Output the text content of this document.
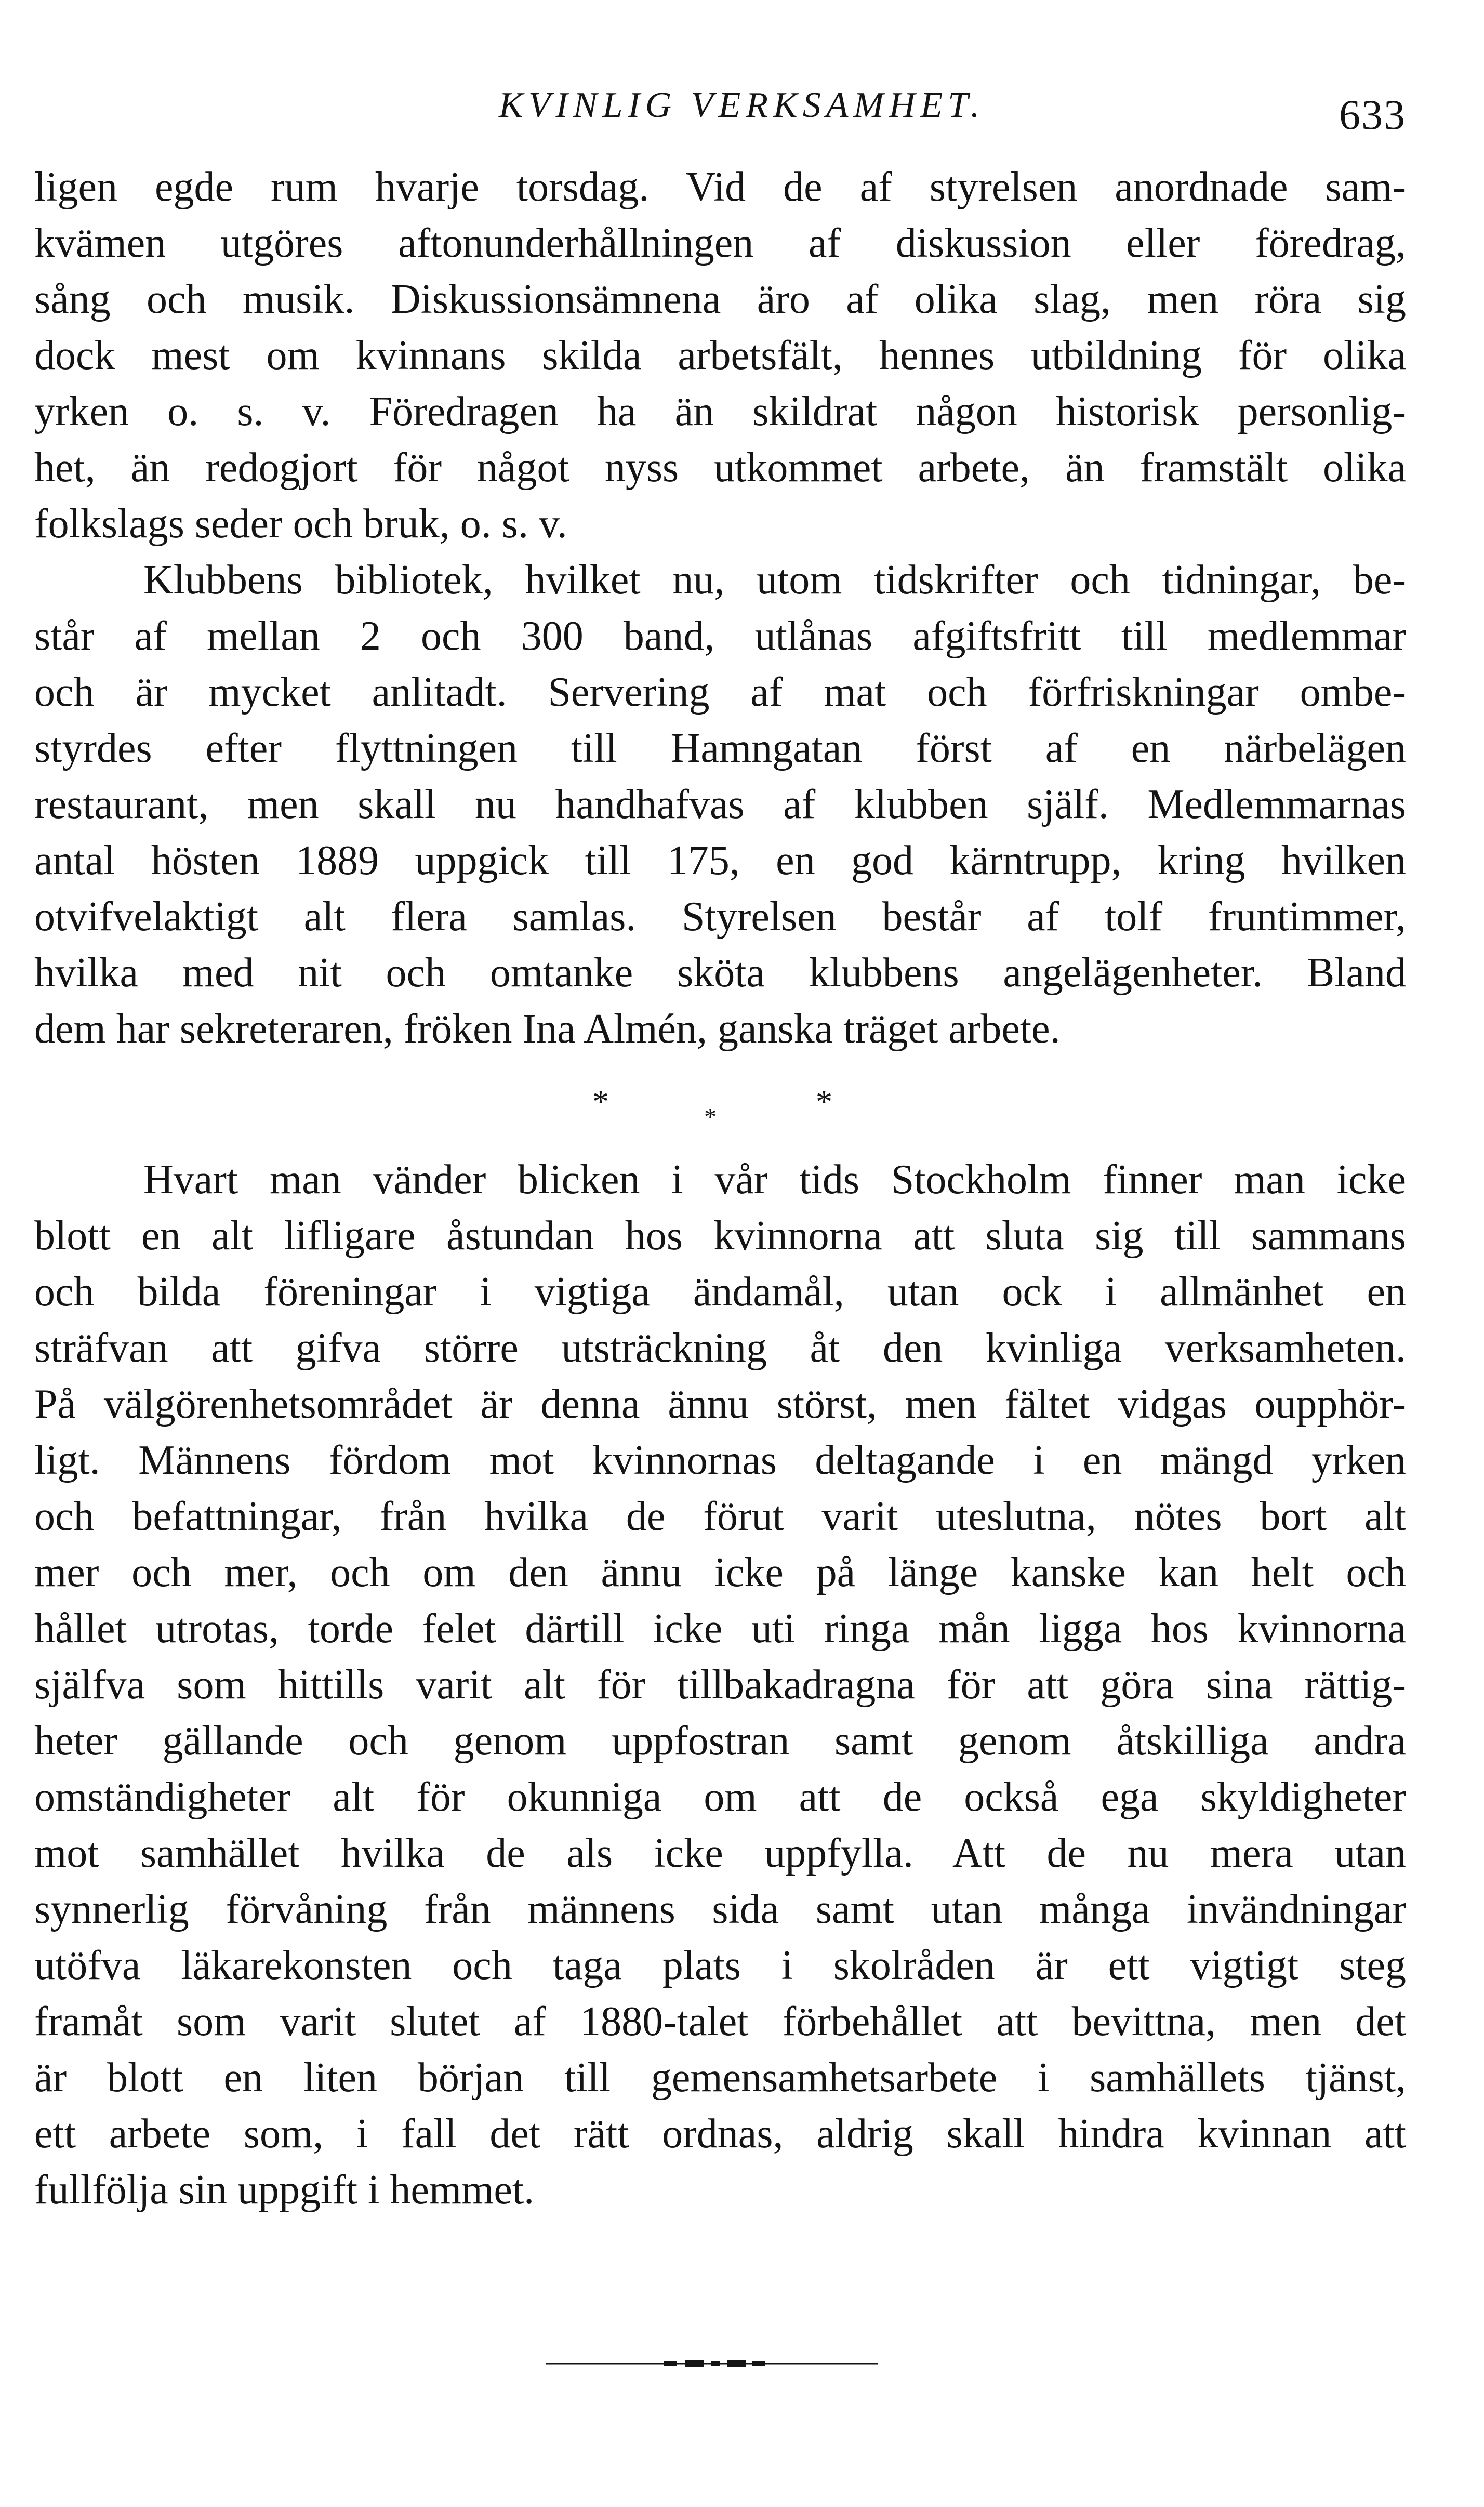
KVINLIG VERKSAMHET.	633
ligen egde rum hvarje torsdag. Vid de af styrelsen anordnade sam-
kvämen utgöres aftonunderhållningen af diskussion eller föredrag,
sång och musik. Diskussionsämnena äro af olika slag, men röra sig
dock mest om kvinnans skilda arbetsfält, hennes utbildning för olika
yrken o. s. v. Föredragen ha än skildrat någon historisk personlig-
het, än redogjort för något nyss utkommet arbete, än framstält olika
folkslags seder och bruk, o. s. v.
Klubbens bibliotek, hvilket nu, utom tidskrifter och tidningar, be-
står af mellan 2 och 300 band, utlånas afgiftsfritt till medlemmar
och är mycket anlitadt. Servering af mat och förfriskningar ombe-
styrdes efter flyttningen till Hamngatan först af en närbelägen
restaurant, men skall nu handhafvas af klubben själf. Medlemmarnas
antal hösten 1889 uppgick till 175, en god kärntrupp, kring hvilken
otvifvelaktigt alt flera samlas. Styrelsen består af tolf fruntimmer,
hvilka med nit och omtanke sköta klubbens angelägenheter. Bland
dem har sekreteraren, fröken Ina Almén, ganska träget arbete.
*	*	*
Hvart man vänder blicken i vår tids Stockholm finner man icke
blott en alt lifligare åstundan hos kvinnorna att sluta sig till sammans
och bilda föreningar i vigtiga ändamål, utan ock i allmänhet en
sträfvan att gifva större utsträckning åt den kvinliga verksamheten.
På välgörenhetsområdet är denna ännu störst, men fältet vidgas oupphör-
ligt. Männens fördom mot kvinnornas deltagande i en mängd yrken
och befattningar, från hvilka de förut varit uteslutna, nötes bort alt
mer och mer, och om den ännu icke på länge kanske kan helt och
hållet utrotas, torde felet därtill icke uti ringa mån ligga hos kvinnorna
själfva som hittills varit alt för tillbakadragna för att göra sina rättig-
heter gällande och genom uppfostran samt genom åtskilliga andra
omständigheter alt för okunniga om att de också ega skyldigheter
mot samhället hvilka de als icke uppfylla. Att de nu mera utan
synnerlig förvåning från männens sida samt utan många invändningar
utöfva läkarekonsten och taga plats i skolråden är ett vigtigt steg
framåt som varit slutet af 1880-talet förbehållet att bevittna, men det
är blott en liten början till gemensamhetsarbete i samhällets tjänst,
ett arbete som, i fall det rätt ordnas, aldrig skall hindra kvinnan att
fullfölja sin uppgift i hemmet.
